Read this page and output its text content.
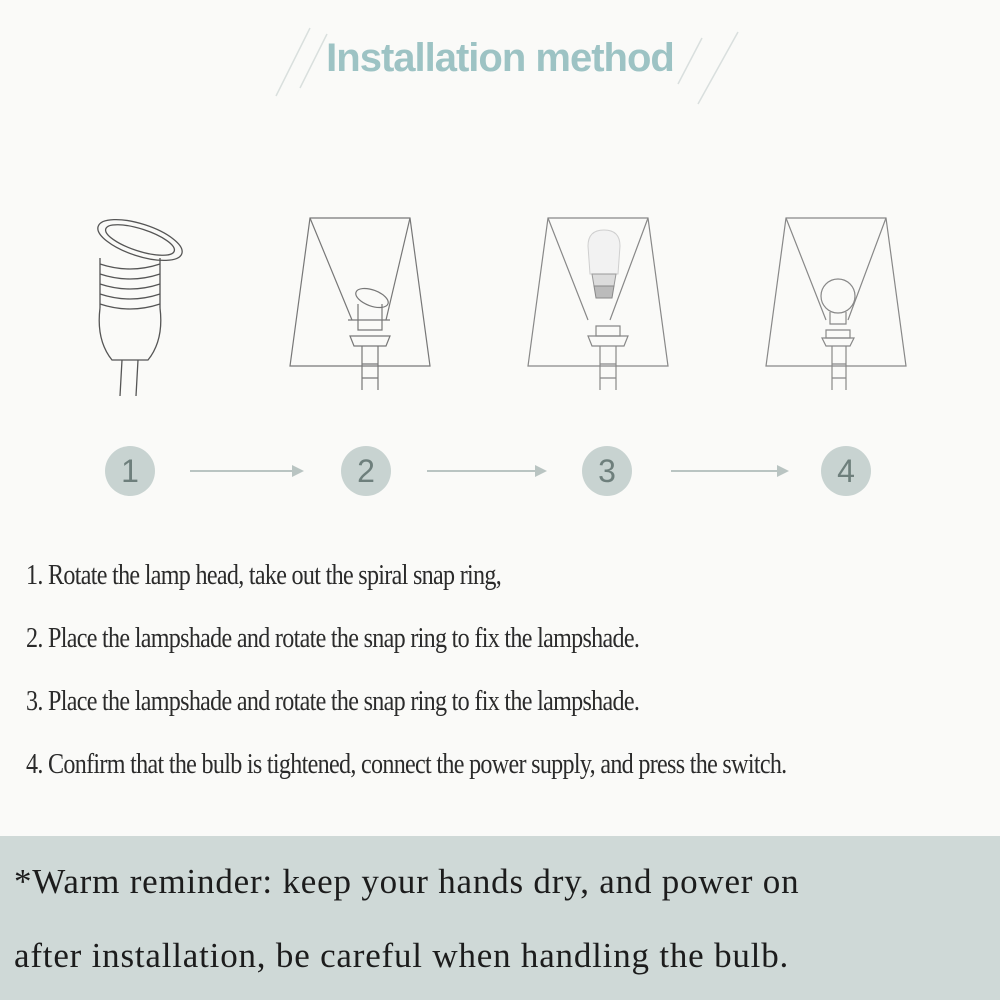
Installation method
1	2	3	4
1. Rotate the lamp head, take out the spiral snap ring,
2. Place the lampshade and rotate the snap ring to fix the lampshade.
3. Place the lampshade and rotate the snap ring to fix the lampshade.
4. Confirm that the bulb is tightened, connect the power supply, and press the switch.
*Warm reminder: keep your hands dry, and power on
after installation, be careful when handling the bulb.
